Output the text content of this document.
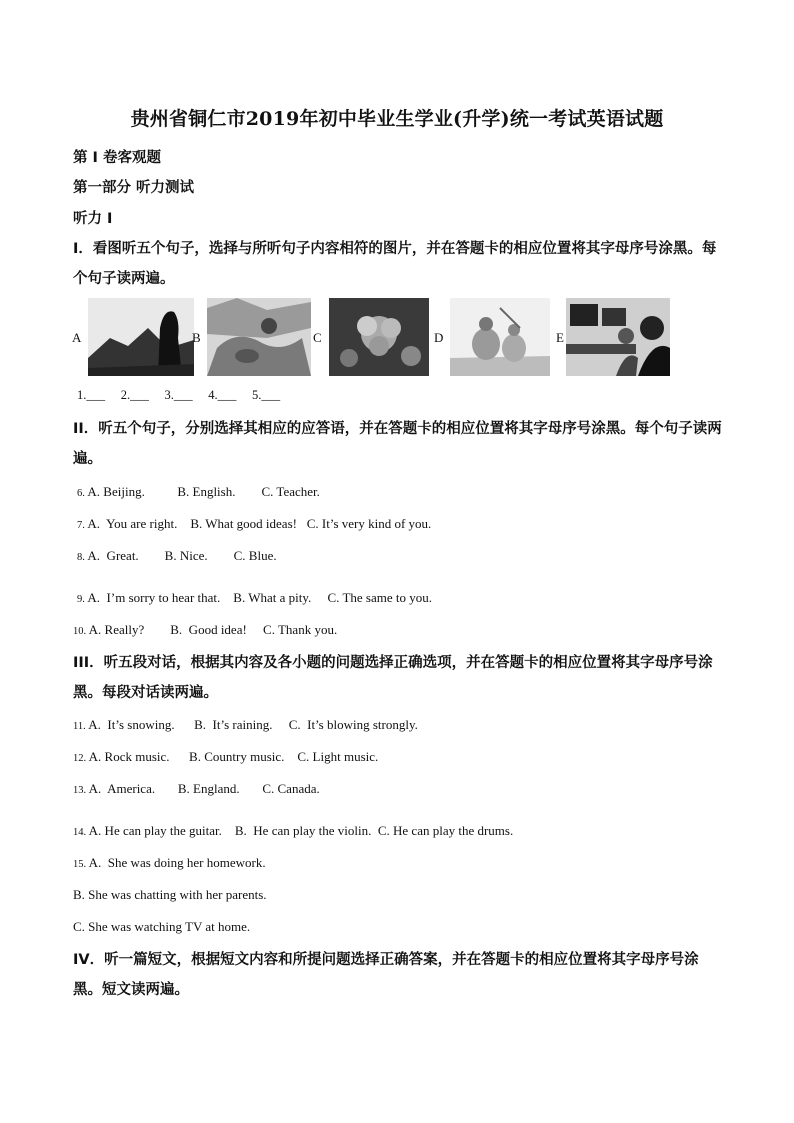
贵州省铜仁市2019年初中毕业生学业(升学)统一考试英语试题
第 I 卷客观题
第一部分 听力测试
听力 I
I．看图听五个句子，选择与所听句子内容相符的图片，并在答题卡的相应位置将其字母序号涂黑。每个句子读两遍。
A	B	C	D	E
1.___     2.___     3.___     4.___     5.___
II．听五个句子，分别选择其相应的应答语，并在答题卡的相应位置将其字母序号涂黑。每个句子读两遍。
6. A. Beijing.          B. English.        C. Teacher.
7. A.  You are right.    B. What good ideas!   C. It’s very kind of you.
8. A.  Great.        B. Nice.        C. Blue.
9. A.  I’m sorry to hear that.    B. What a pity.     C. The same to you.
10. A. Really?        B.  Good idea!     C. Thank you.
III．听五段对话，根据其内容及各小题的问题选择正确选项，并在答题卡的相应位置将其字母序号涂黑。每段对话读两遍。
11. A.  It’s snowing.      B.  It’s raining.     C.  It’s blowing strongly.
12. A. Rock music.      B. Country music.    C. Light music.
13. A.  America.       B. England.       C. Canada.
14. A. He can play the guitar.    B.  He can play the violin.  C. He can play the drums.
15. A.  She was doing her homework.
B. She was chatting with her parents.
C. She was watching TV at home.
IV．听一篇短文，根据短文内容和所提问题选择正确答案，并在答题卡的相应位置将其字母序号涂黑。短文读两遍。
